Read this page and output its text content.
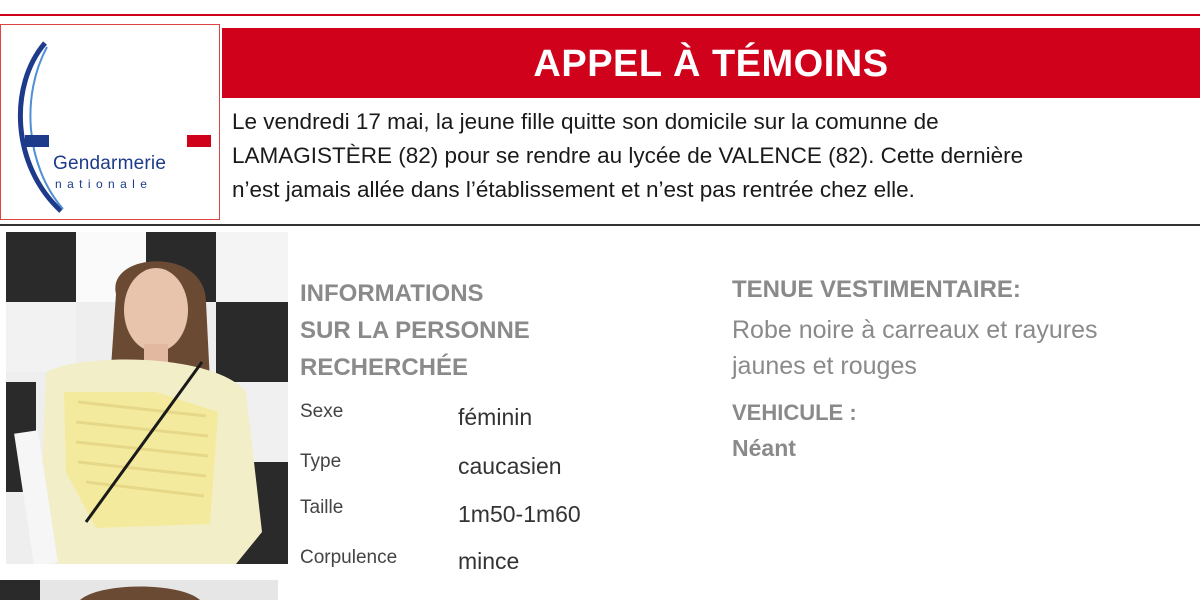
Gendarmerie
nationale
APPEL À TÉMOINS
Le vendredi 17 mai, la jeune fille quitte son domicile sur la comunne de
LAMAGISTÈRE (82) pour se rendre au lycée de VALENCE (82). Cette dernière
n’est jamais allée dans l’établissement et n’est pas rentrée chez elle.
INFORMATIONS
SUR LA PERSONNE
RECHERCHÉE
Sexe	féminin
Type	caucasien
Taille	1m50-1m60
Corpulence	mince
TENUE VESTIMENTAIRE:
Robe noire à carreaux et rayures
jaunes et rouges
VEHICULE :
Néant
